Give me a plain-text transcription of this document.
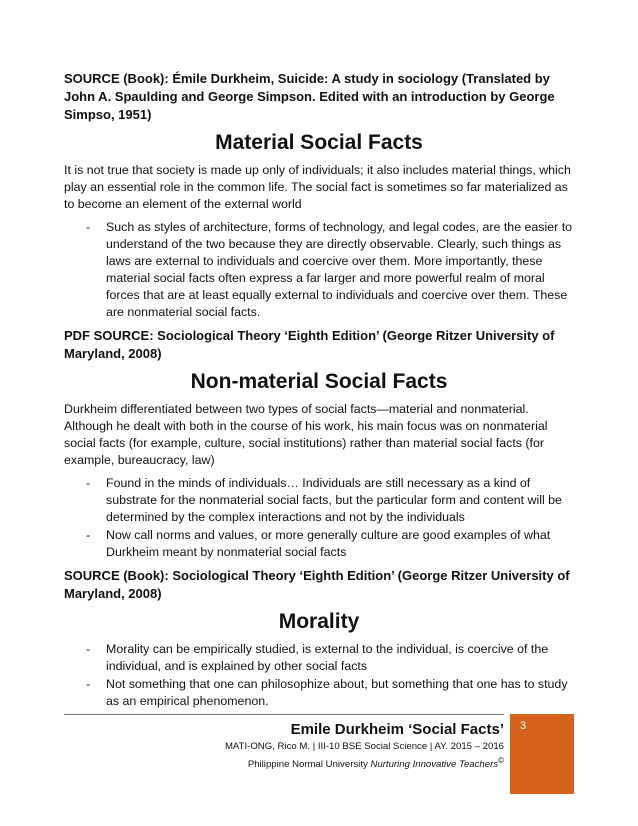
SOURCE (Book): Émile Durkheim, Suicide: A study in sociology (Translated by John A. Spaulding and George Simpson. Edited with an introduction by George Simpso, 1951)

Material Social Facts

It is not true that society is made up only of individuals; it also includes material things, which play an essential role in the common life. The social fact is sometimes so far materialized as to become an element of the external world

- Such as styles of architecture, forms of technology, and legal codes, are the easier to understand of the two because they are directly observable. Clearly, such things as laws are external to individuals and coercive over them. More importantly, these material social facts often express a far larger and more powerful realm of moral forces that are at least equally external to individuals and coercive over them. These are nonmaterial social facts.

PDF SOURCE: Sociological Theory ‘Eighth Edition’ (George Ritzer University of Maryland, 2008)

Non-material Social Facts

Durkheim differentiated between two types of social facts—material and nonmaterial. Although he dealt with both in the course of his work, his main focus was on nonmaterial social facts (for example, culture, social institutions) rather than material social facts (for example, bureaucracy, law)

- Found in the minds of individuals… Individuals are still necessary as a kind of substrate for the nonmaterial social facts, but the particular form and content will be determined by the complex interactions and not by the individuals
- Now call norms and values, or more generally culture are good examples of what Durkheim meant by nonmaterial social facts

SOURCE (Book): Sociological Theory ‘Eighth Edition’ (George Ritzer University of Maryland, 2008)

Morality
- Morality can be empirically studied, is external to the individual, is coercive of the individual, and is explained by other social facts
- Not something that one can philosophize about, but something that one has to study as an empirical phenomenon.
Emile Durkheim ‘Social Facts’
MATI-ONG, Rico M. | III-10 BSE Social Science | AY. 2015 – 2016
Philippine Normal University Nurturing Innovative Teachers©
3
